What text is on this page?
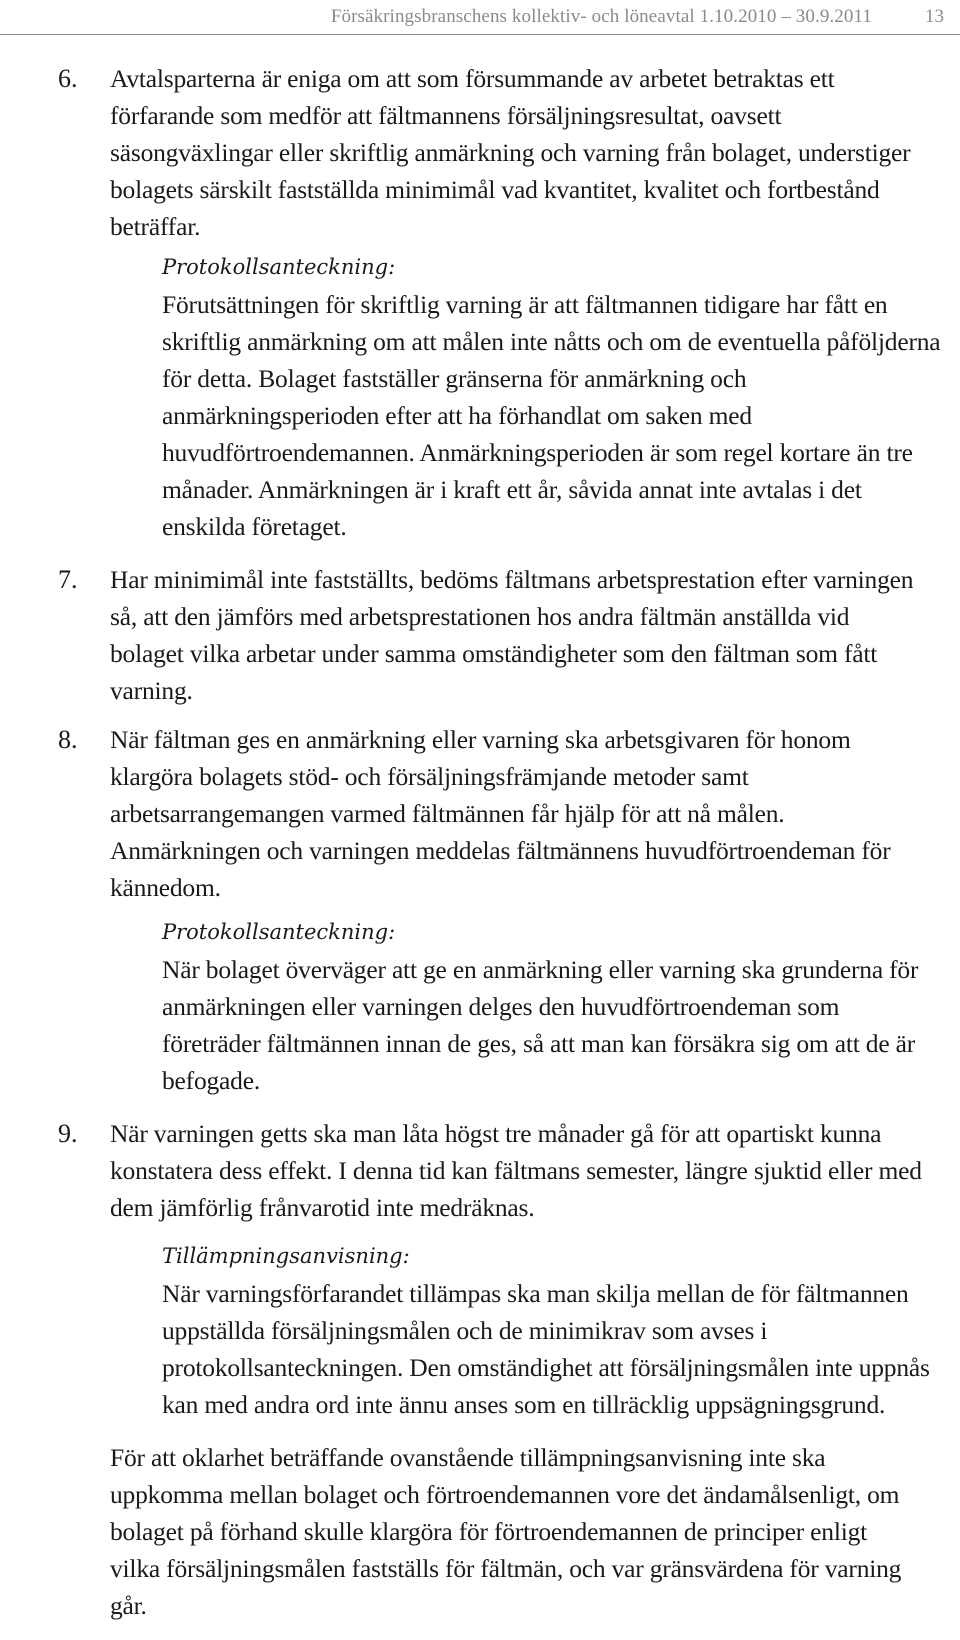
Försäkringsbranschens kollektiv- och löneavtal 1.10.2010 – 30.9.2011	13
6. Avtalsparterna är eniga om att som försummande av arbetet betraktas ett förfarande som medför att fältmannens försäljningsresultat, oavsett säsongväxlingar eller skriftlig anmärkning och varning från bolaget, understiger bolagets särskilt fastställda minimimål vad kvantitet, kvalitet och fortbestånd beträffar.

Protokollsanteckning:

Förutsättningen för skriftlig varning är att fältmannen tidigare har fått en skriftlig anmärkning om att målen inte nåtts och om de eventuella påföljderna för detta. Bolaget fastställer gränserna för anmärkning och anmärkningsperioden efter att ha förhandlat om saken med huvudförtroendemannen. Anmärkningsperioden är som regel kortare än tre månader. Anmärkningen är i kraft ett år, såvida annat inte avtalas i det enskilda företaget.

7. Har minimimål inte fastställts, bedöms fältmans arbetsprestation efter varningen så, att den jämförs med arbetsprestationen hos andra fältmän anställda vid bolaget vilka arbetar under samma omständigheter som den fältman som fått varning.

8. När fältman ges en anmärkning eller varning ska arbetsgivaren för honom klargöra bolagets stöd- och försäljningsfrämjande metoder samt arbetsarrangemangen varmed fältmännen får hjälp för att nå målen. Anmärkningen och varningen meddelas fältmännens huvudförtroendeman för kännedom.

Protokollsanteckning:

När bolaget överväger att ge en anmärkning eller varning ska grunderna för anmärkningen eller varningen delges den huvudförtroendeman som företräder fältmännen innan de ges, så att man kan försäkra sig om att de är befogade.

9. När varningen getts ska man låta högst tre månader gå för att opartiskt kunna konstatera dess effekt. I denna tid kan fältmans semester, längre sjuktid eller med dem jämförlig frånvarotid inte medräknas.

Tillämpningsanvisning:

När varningsförfarandet tillämpas ska man skilja mellan de för fältmannen uppställda försäljningsmålen och de minimikrav som avses i protokollsanteckningen. Den omständighet att försäljningsmålen inte uppnås kan med andra ord inte ännu anses som en tillräcklig uppsägningsgrund.

För att oklarhet beträffande ovanstående tillämpningsanvisning inte ska uppkomma mellan bolaget och förtroendemannen vore det ändamålsenligt, om bolaget på förhand skulle klargöra för förtroendemannen de principer enligt vilka försäljningsmålen fastställs för fältmän, och var gränsvärdena för varning går.
